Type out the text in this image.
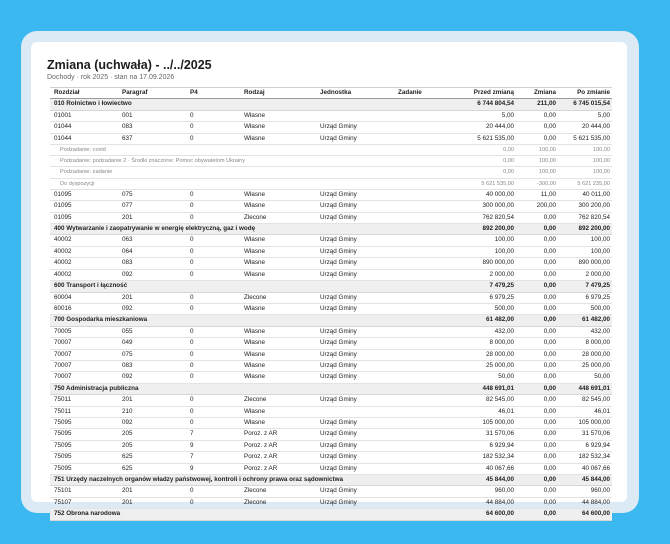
Zmiana (uchwała) - ../../2025
Dochody · rok 2025 · stan na 17.09.2026
Rozdział	Paragraf	P4	Rodzaj	Jednostka	Zadanie	Przed zmianą	Zmiana	Po zmianie
010 Rolnictwo i łowiectwo						6 744 804,54	211,00	6 745 015,54
01001	001	0	Własne			5,00	0,00	5,00
01044	083	0	Własne	Urząd Gminy		20 444,00	0,00	20 444,00
01044	637	0	Własne	Urząd Gminy		5 621 535,00	0,00	5 621 535,00
Podzadanie: covid						0,00	100,00	100,00
Podzadanie: podzadanie 2 · Środki znaczone: Pomoc obywatelom Ukrainy						0,00	100,00	100,00
Podzadanie: zadanie						0,00	100,00	100,00
Do dyspozycji						5 621 535,00	-300,00	5 621 235,00
01095	075	0	Własne	Urząd Gminy		40 000,00	11,00	40 011,00
01095	077	0	Własne	Urząd Gminy		300 000,00	200,00	300 200,00
01095	201	0	Zlecone	Urząd Gminy		762 820,54	0,00	762 820,54
400 Wytwarzanie i zaopatrywanie w energię elektryczną, gaz i wodę						892 200,00	0,00	892 200,00
40002	063	0	Własne	Urząd Gminy		100,00	0,00	100,00
40002	064	0	Własne	Urząd Gminy		100,00	0,00	100,00
40002	083	0	Własne	Urząd Gminy		890 000,00	0,00	890 000,00
40002	092	0	Własne	Urząd Gminy		2 000,00	0,00	2 000,00
600 Transport i łączność						7 479,25	0,00	7 479,25
60004	201	0	Zlecone	Urząd Gminy		6 979,25	0,00	6 979,25
60016	092	0	Własne	Urząd Gminy		500,00	0,00	500,00
700 Gospodarka mieszkaniowa						61 482,00	0,00	61 482,00
70005	055	0	Własne	Urząd Gminy		432,00	0,00	432,00
70007	049	0	Własne	Urząd Gminy		8 000,00	0,00	8 000,00
70007	075	0	Własne	Urząd Gminy		28 000,00	0,00	28 000,00
70007	083	0	Własne	Urząd Gminy		25 000,00	0,00	25 000,00
70007	092	0	Własne	Urząd Gminy		50,00	0,00	50,00
750 Administracja publiczna						448 691,01	0,00	448 691,01
75011	201	0	Zlecone	Urząd Gminy		82 545,00	0,00	82 545,00
75011	210	0	Własne			46,01	0,00	46,01
75095	092	0	Własne	Urząd Gminy		105 000,00	0,00	105 000,00
75095	205	7	Poroz. z AR	Urząd Gminy		31 570,06	0,00	31 570,06
75095	205	9	Poroz. z AR	Urząd Gminy		6 929,94	0,00	6 929,94
75095	625	7	Poroz. z AR	Urząd Gminy		182 532,34	0,00	182 532,34
75095	625	9	Poroz. z AR	Urząd Gminy		40 067,66	0,00	40 067,66
751 Urzędy naczelnych organów władzy państwowej, kontroli i ochrony prawa oraz sądownictwa						45 844,00	0,00	45 844,00
75101	201	0	Zlecone	Urząd Gminy		960,00	0,00	960,00
75107	201	0	Zlecone	Urząd Gminy		44 884,00	0,00	44 884,00
752 Obrona narodowa						64 600,00	0,00	64 600,00
